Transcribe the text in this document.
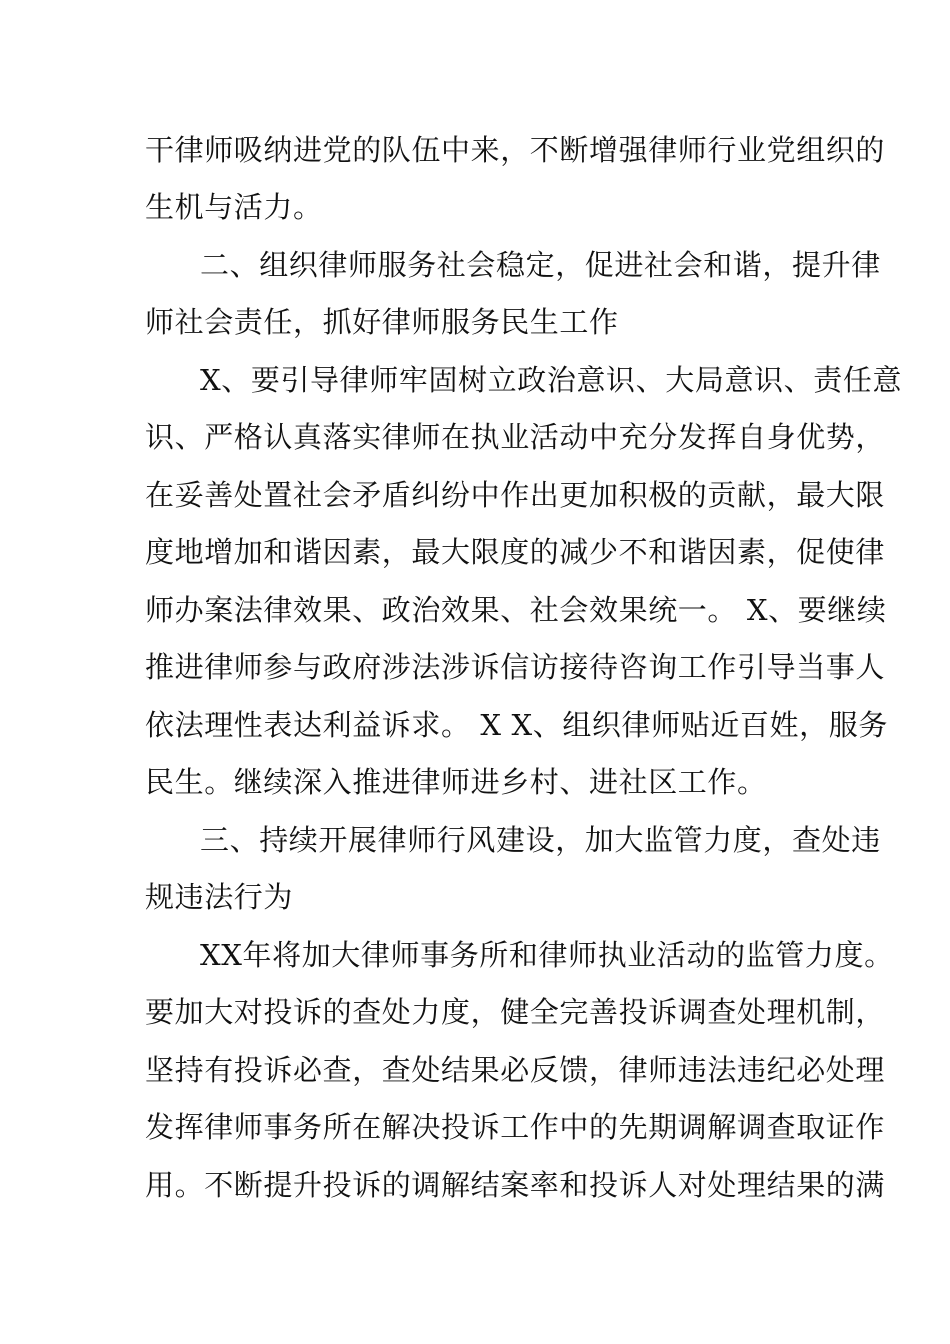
干律师吸纳进党的队伍中来，不断增强律师行业党组织的
生机与活力。
二、组织律师服务社会稳定，促进社会和谐，提升律
师社会责任，抓好律师服务民生工作
X、要引导律师牢固树立政治意识、大局意识、责任意
识、严格认真落实律师在执业活动中充分发挥自身优势，
在妥善处置社会矛盾纠纷中作出更加积极的贡献，最大限
度地增加和谐因素，最大限度的减少不和谐因素，促使律
师办案法律效果、政治效果、社会效果统一。 X、要继续
推进律师参与政府涉法涉诉信访接待咨询工作引导当事人
依法理性表达利益诉求。 X X、组织律师贴近百姓，服务
民生。继续深入推进律师进乡村、进社区工作。
三、持续开展律师行风建设，加大监管力度，查处违
规违法行为
XX年将加大律师事务所和律师执业活动的监管力度。
要加大对投诉的查处力度，健全完善投诉调查处理机制，
坚持有投诉必查，查处结果必反馈，律师违法违纪必处理
发挥律师事务所在解决投诉工作中的先期调解调查取证作
用。不断提升投诉的调解结案率和投诉人对处理结果的满
